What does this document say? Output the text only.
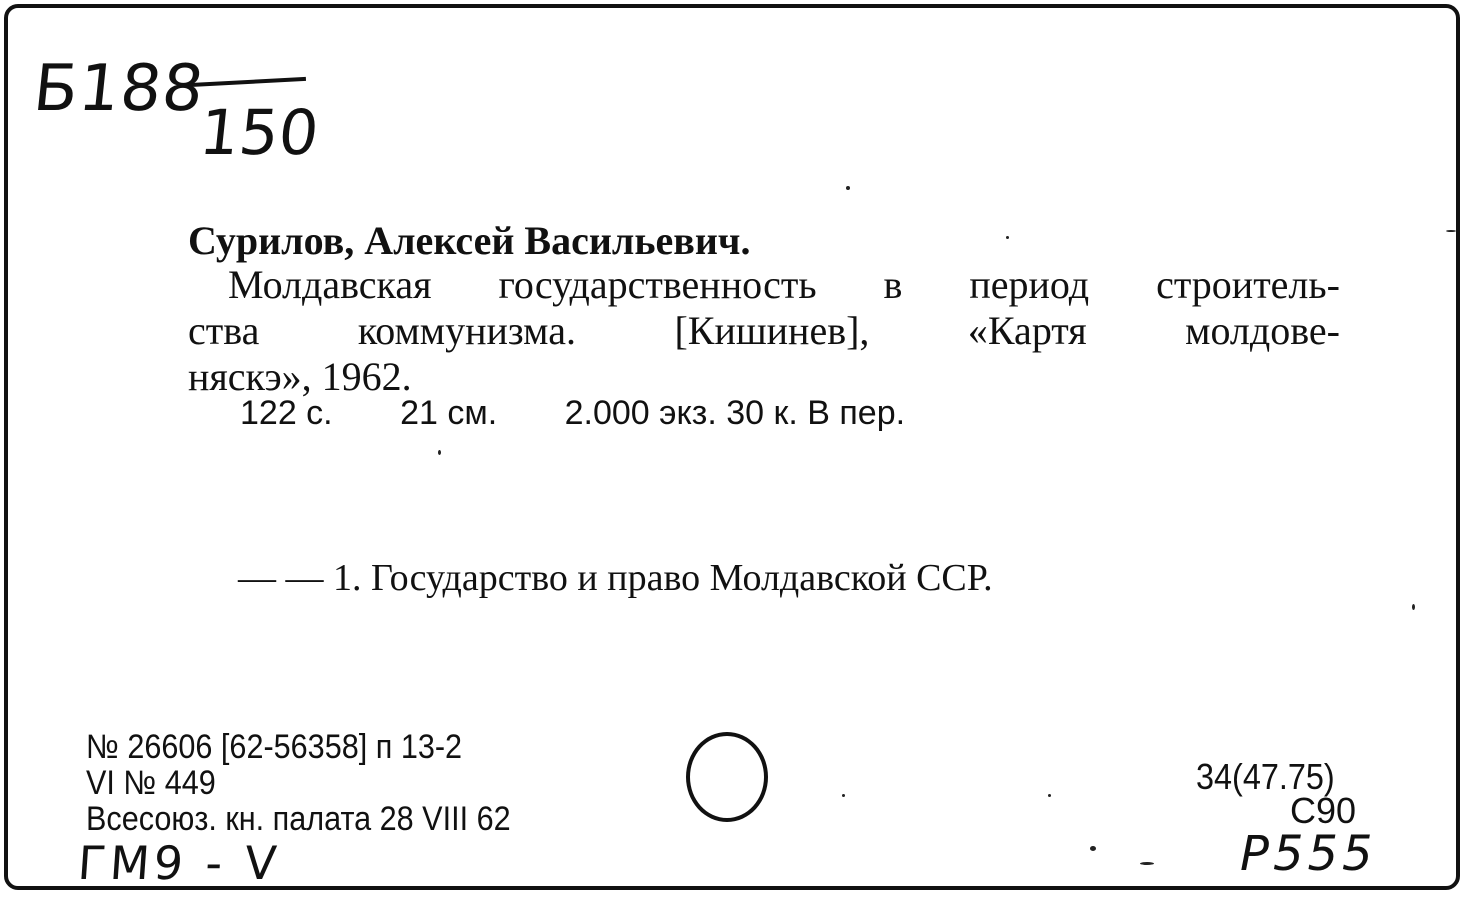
Б188
150
Сурилов, Алексей Васильевич.
Молдавская государственность в период строитель-
ства коммунизма. [Кишинев], «Картя молдове-
няскэ», 1962.
122 с. 21 см. 2.000 экз. 30 к. В пер.
— — 1. Государство и право Молдавской ССР.
№ 26606 [62-56358] п 13-2
VI № 449
Всесоюз. кн. палата 28 VIII 62
34(47.75)
С90
ГМ9 - V	Р555
